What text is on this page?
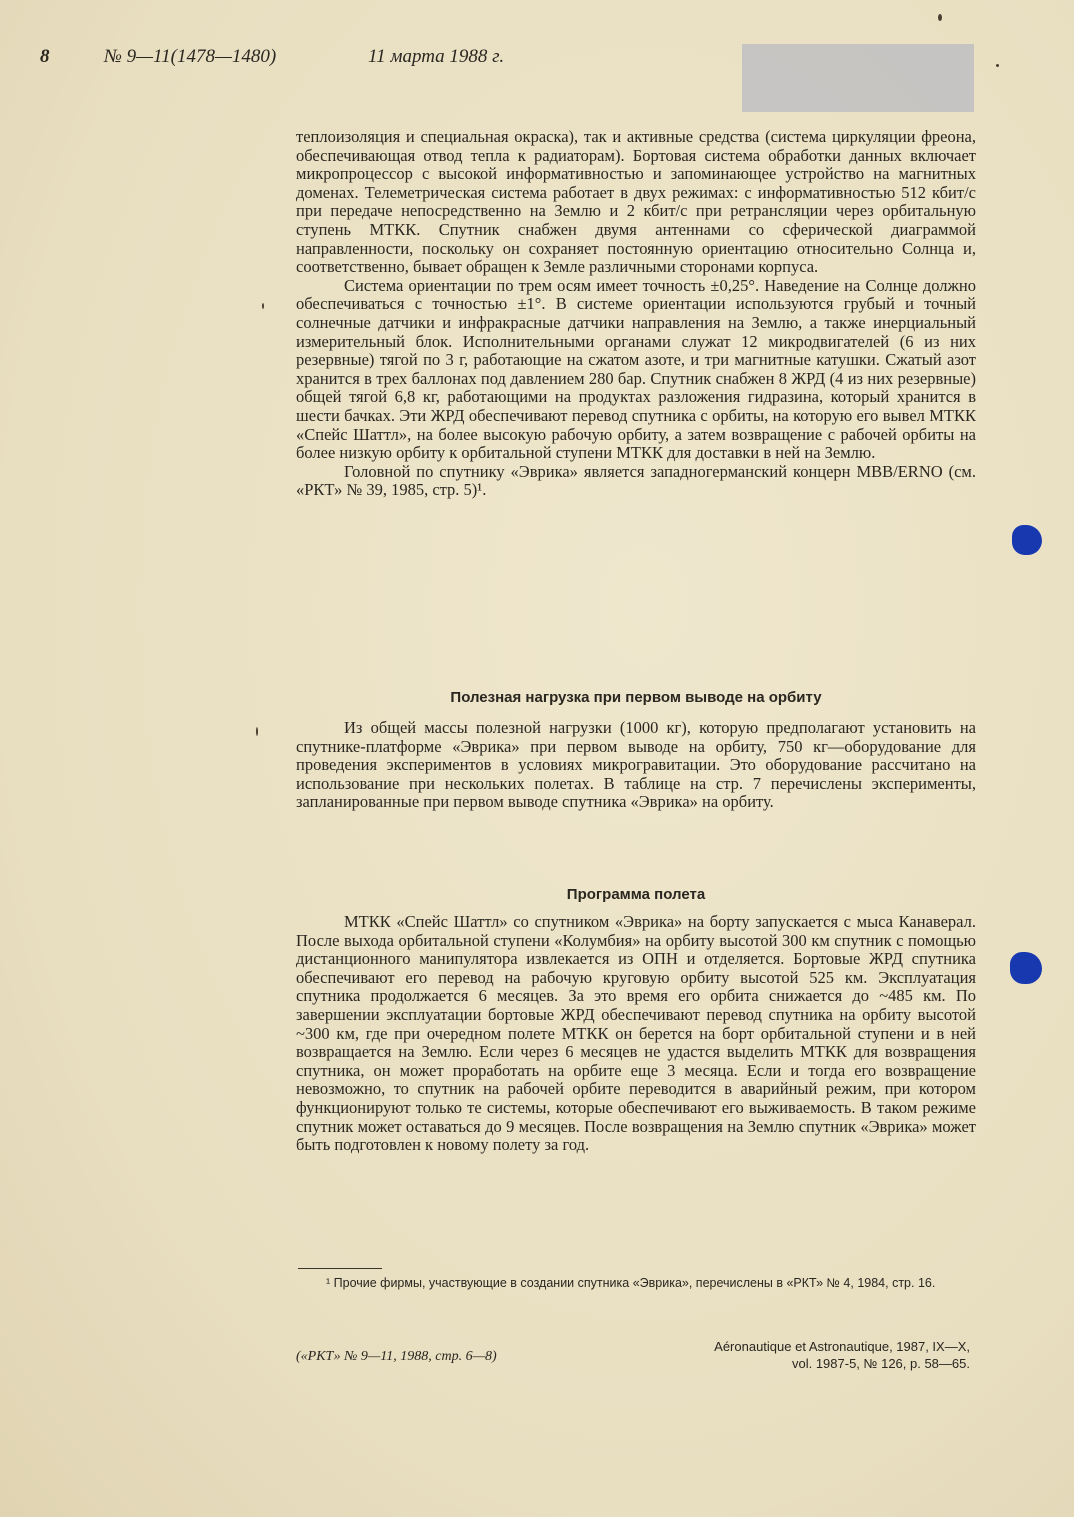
8	№ 9—11(1478—1480)	11 марта 1988 г.

теплоизоляция и специальная окраска), так и активные средства (система циркуляции фреона, обеспечивающая отвод тепла к радиаторам). Бортовая система обработки данных включает микропроцессор с высокой информативностью и запоминающее устройство на магнитных доменах. Телеметрическая система работает в двух режимах: с информативностью 512 кбит/с при передаче непосредственно на Землю и 2 кбит/с при ретрансляции через орбитальную ступень МТКК. Спутник снабжен двумя антеннами со сферической диаграммой направленности, поскольку он сохраняет постоянную ориентацию относительно Солнца и, соответственно, бывает обращен к Земле различными сторонами корпуса.

Система ориентации по трем осям имеет точность ±0,25°. Наведение на Солнце должно обеспечиваться с точностью ±1°. В системе ориентации используются грубый и точный солнечные датчики и инфракрасные датчики направления на Землю, а также инерциальный измерительный блок. Исполнительными органами служат 12 микродвигателей (6 из них резервные) тягой по 3 г, работающие на сжатом азоте, и три магнитные катушки. Сжатый азот хранится в трех баллонах под давлением 280 бар. Спутник снабжен 8 ЖРД (4 из них резервные) общей тягой 6,8 кг, работающими на продуктах разложения гидразина, который хранится в шести бачках. Эти ЖРД обеспечивают перевод спутника с орбиты, на которую его вывел МТКК «Спейс Шаттл», на более высокую рабочую орбиту, а затем возвращение с рабочей орбиты на более низкую орбиту к орбитальной ступени МТКК для доставки в ней на Землю.

Головной по спутнику «Эврика» является западногерманский концерн MBB/ERNO (см. «РКТ» № 39, 1985, стр. 5)¹.

Полезная нагрузка при первом выводе на орбиту

Из общей массы полезной нагрузки (1000 кг), которую предполагают установить на спутнике-платформе «Эврика» при первом выводе на орбиту, 750 кг—оборудование для проведения экспериментов в условиях микрогравитации. Это оборудование рассчитано на использование при нескольких полетах. В таблице на стр. 7 перечислены эксперименты, запланированные при первом выводе спутника «Эврика» на орбиту.

Программа полета

МТКК «Спейс Шаттл» со спутником «Эврика» на борту запускается с мыса Канаверал. После выхода орбитальной ступени «Колумбия» на орбиту высотой 300 км спутник с помощью дистанционного манипулятора извлекается из ОПН и отделяется. Бортовые ЖРД спутника обеспечивают его перевод на рабочую круговую орбиту высотой 525 км. Эксплуатация спутника продолжается 6 месяцев. За это время его орбита снижается до ~485 км. По завершении эксплуатации бортовые ЖРД обеспечивают перевод спутника на орбиту высотой ~300 км, где при очередном полете МТКК он берется на борт орбитальной ступени и в ней возвращается на Землю. Если через 6 месяцев не удастся выделить МТКК для возвращения спутника, он может проработать на орбите еще 3 месяца. Если и тогда его возвращение невозможно, то спутник на рабочей орбите переводится в аварийный режим, при котором функционируют только те системы, которые обеспечивают его выживаемость. В таком режиме спутник может оставаться до 9 месяцев. После возвращения на Землю спутник «Эврика» может быть подготовлен к новому полету за год.

¹ Прочие фирмы, участвующие в создании спутника «Эврика», перечислены в «РКТ» № 4, 1984, стр. 16.
(«РКТ» № 9—11, 1988, стр. 6—8)
Aéronautique et Astronautique, 1987, IX—X,
vol. 1987-5, № 126, р. 58—65.
